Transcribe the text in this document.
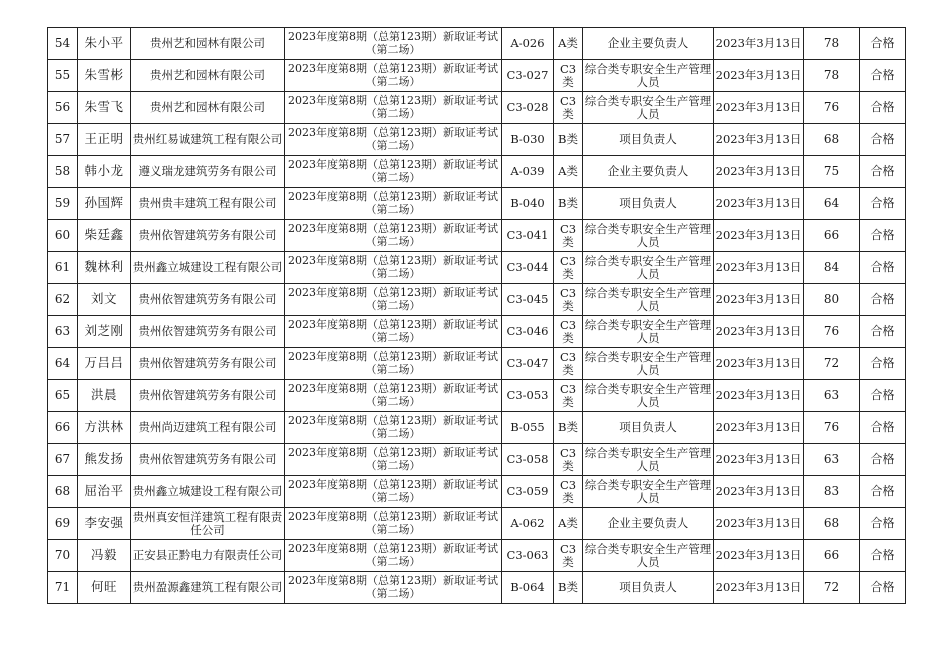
54	朱小平	贵州艺和园林有限公司	2023年度第8期（总第123期）新取证考试（第二场）	A-026	A类	企业主要负责人	2023年3月13日	78	合格
55	朱雪彬	贵州艺和园林有限公司	2023年度第8期（总第123期）新取证考试（第二场）	C3-027	C3类	综合类专职安全生产管理人员	2023年3月13日	78	合格
56	朱雪飞	贵州艺和园林有限公司	2023年度第8期（总第123期）新取证考试（第二场）	C3-028	C3类	综合类专职安全生产管理人员	2023年3月13日	76	合格
57	王正明	贵州红易诚建筑工程有限公司	2023年度第8期（总第123期）新取证考试（第二场）	B-030	B类	项目负责人	2023年3月13日	68	合格
58	韩小龙	遵义瑞龙建筑劳务有限公司	2023年度第8期（总第123期）新取证考试（第二场）	A-039	A类	企业主要负责人	2023年3月13日	75	合格
59	孙国辉	贵州贵丰建筑工程有限公司	2023年度第8期（总第123期）新取证考试（第二场）	B-040	B类	项目负责人	2023年3月13日	64	合格
60	柴廷鑫	贵州依智建筑劳务有限公司	2023年度第8期（总第123期）新取证考试（第二场）	C3-041	C3类	综合类专职安全生产管理人员	2023年3月13日	66	合格
61	魏林利	贵州鑫立城建设工程有限公司	2023年度第8期（总第123期）新取证考试（第二场）	C3-044	C3类	综合类专职安全生产管理人员	2023年3月13日	84	合格
62	刘文	贵州依智建筑劳务有限公司	2023年度第8期（总第123期）新取证考试（第二场）	C3-045	C3类	综合类专职安全生产管理人员	2023年3月13日	80	合格
63	刘芝刚	贵州依智建筑劳务有限公司	2023年度第8期（总第123期）新取证考试（第二场）	C3-046	C3类	综合类专职安全生产管理人员	2023年3月13日	76	合格
64	万吕吕	贵州依智建筑劳务有限公司	2023年度第8期（总第123期）新取证考试（第二场）	C3-047	C3类	综合类专职安全生产管理人员	2023年3月13日	72	合格
65	洪晨	贵州依智建筑劳务有限公司	2023年度第8期（总第123期）新取证考试（第二场）	C3-053	C3类	综合类专职安全生产管理人员	2023年3月13日	63	合格
66	方洪林	贵州尚迈建筑工程有限公司	2023年度第8期（总第123期）新取证考试（第二场）	B-055	B类	项目负责人	2023年3月13日	76	合格
67	熊发扬	贵州依智建筑劳务有限公司	2023年度第8期（总第123期）新取证考试（第二场）	C3-058	C3类	综合类专职安全生产管理人员	2023年3月13日	63	合格
68	屈治平	贵州鑫立城建设工程有限公司	2023年度第8期（总第123期）新取证考试（第二场）	C3-059	C3类	综合类专职安全生产管理人员	2023年3月13日	83	合格
69	李安强	贵州真安恒洋建筑工程有限责任公司	2023年度第8期（总第123期）新取证考试（第二场）	A-062	A类	企业主要负责人	2023年3月13日	68	合格
70	冯毅	正安县正黔电力有限责任公司	2023年度第8期（总第123期）新取证考试（第二场）	C3-063	C3类	综合类专职安全生产管理人员	2023年3月13日	66	合格
71	何旺	贵州盈源鑫建筑工程有限公司	2023年度第8期（总第123期）新取证考试（第二场）	B-064	B类	项目负责人	2023年3月13日	72	合格
